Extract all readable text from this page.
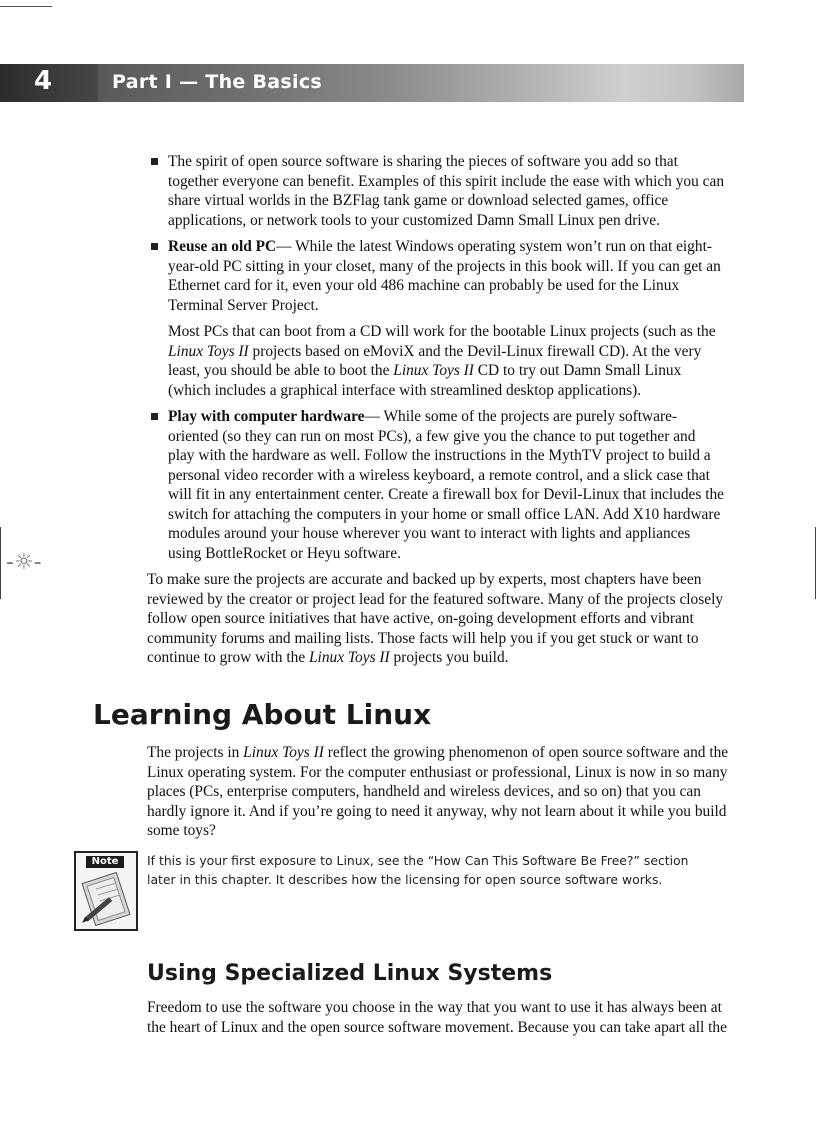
4	Part I — The Basics
The spirit of open source software is sharing the pieces of software you add so that together everyone can benefit. Examples of this spirit include the ease with which you can share virtual worlds in the BZFlag tank game or download selected games, office applications, or network tools to your customized Damn Small Linux pen drive.
Reuse an old PC— While the latest Windows operating system won’t run on that eight-year-old PC sitting in your closet, many of the projects in this book will. If you can get an Ethernet card for it, even your old 486 machine can probably be used for the Linux Terminal Server Project.
Most PCs that can boot from a CD will work for the bootable Linux projects (such as the Linux Toys II projects based on eMoviX and the Devil-Linux firewall CD). At the very least, you should be able to boot the Linux Toys II CD to try out Damn Small Linux (which includes a graphical interface with streamlined desktop applications).
Play with computer hardware— While some of the projects are purely software-oriented (so they can run on most PCs), a few give you the chance to put together and play with the hardware as well. Follow the instructions in the MythTV project to build a personal video recorder with a wireless keyboard, a remote control, and a slick case that will fit in any entertainment center. Create a firewall box for Devil-Linux that includes the switch for attaching the computers in your home or small office LAN. Add X10 hardware modules around your house wherever you want to interact with lights and appliances using BottleRocket or Heyu software.
-☼-

To make sure the projects are accurate and backed up by experts, most chapters have been reviewed by the creator or project lead for the featured software. Many of the projects closely follow open source initiatives that have active, on-going development efforts and vibrant community forums and mailing lists. Those facts will help you if you get stuck or want to continue to grow with the Linux Toys II projects you build.

Learning About Linux

The projects in Linux Toys II reflect the growing phenomenon of open source software and the Linux operating system. For the computer enthusiast or professional, Linux is now in so many places (PCs, enterprise computers, handheld and wireless devices, and so on) that you can hardly ignore it. And if you’re going to need it anyway, why not learn about it while you build some toys?

Note	If this is your first exposure to Linux, see the “How Can This Software Be Free?” section later in this chapter. It describes how the licensing for open source software works.
Using Specialized Linux Systems

Freedom to use the software you choose in the way that you want to use it has always been at the heart of Linux and the open source software movement. Because you can take apart all the
